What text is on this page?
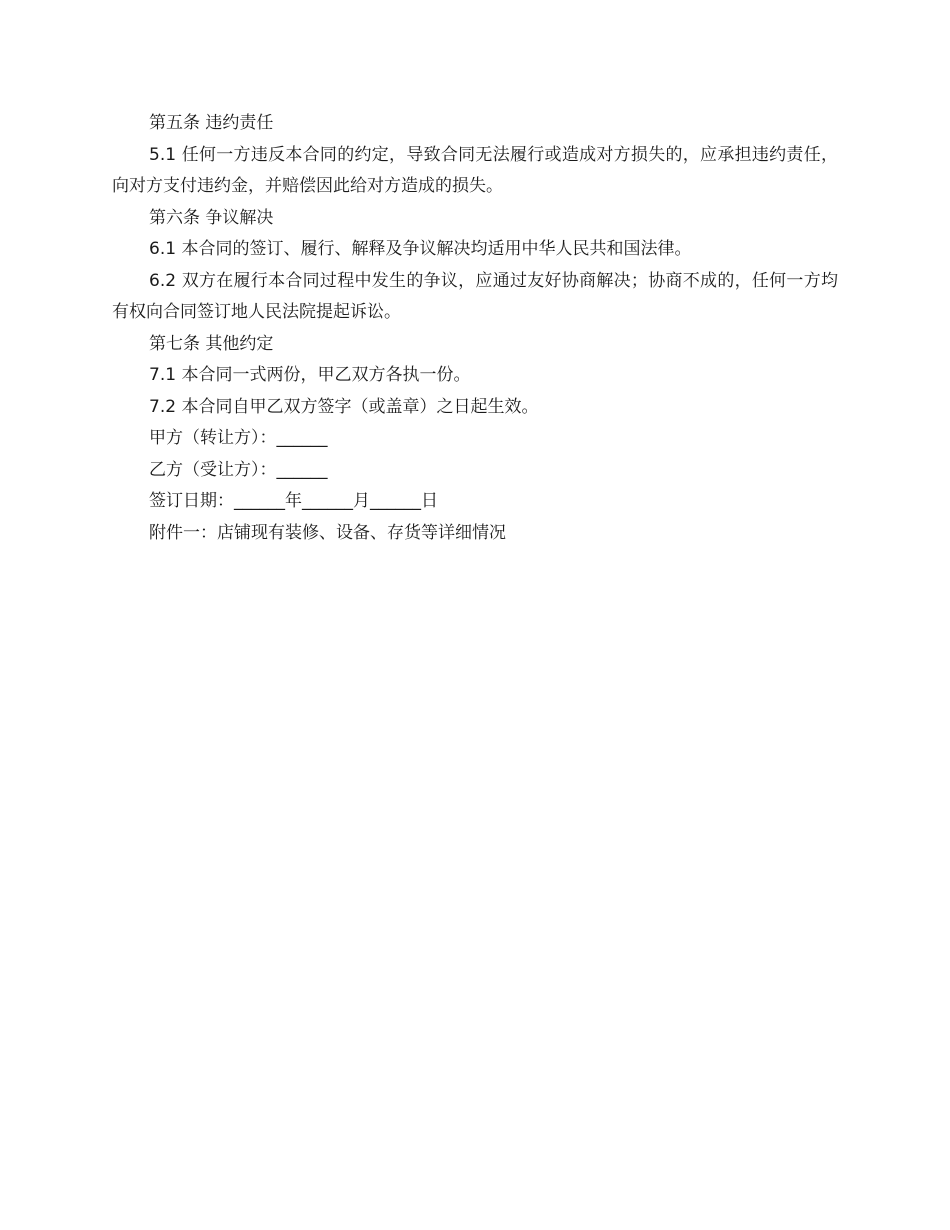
第五条 违约责任

5.1 任何一方违反本合同的约定，导致合同无法履行或造成对方损失的，应承担违约责任，向对方支付违约金，并赔偿因此给对方造成的损失。

第六条 争议解决

6.1 本合同的签订、履行、解释及争议解决均适用中华人民共和国法律。

6.2 双方在履行本合同过程中发生的争议，应通过友好协商解决；协商不成的，任何一方均有权向合同签订地人民法院提起诉讼。

第七条 其他约定

7.1 本合同一式两份，甲乙双方各执一份。

7.2 本合同自甲乙双方签字（或盖章）之日起生效。

甲方（转让方）：______

乙方（受让方）：______

签订日期：______年______月______日

附件一：店铺现有装修、设备、存货等详细情况
